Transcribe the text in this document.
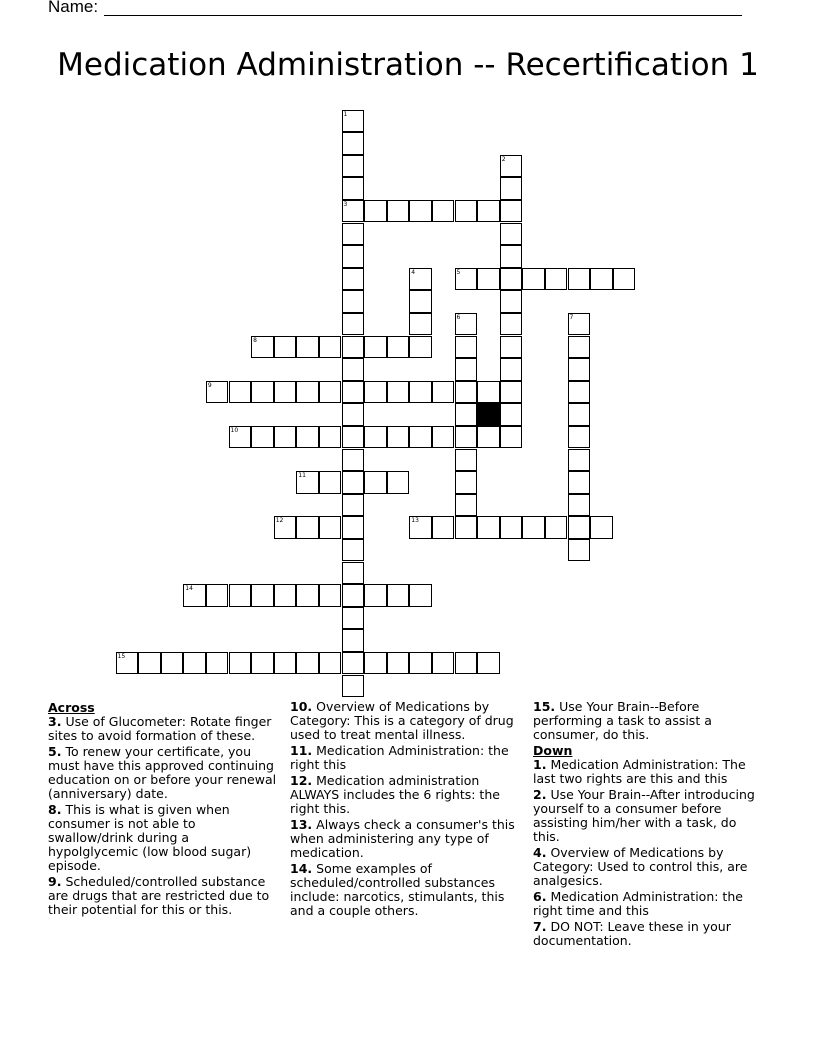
Name:
Medication Administration -- Recertification 1
1
3
2
4	5
6	7
8
9
10
11
12	13
14
15
Across
3. Use of Glucometer: Rotate finger sites to avoid formation of these.
5. To renew your certificate, you must have this approved continuing education on or before your renewal (anniversary) date.
8. This is what is given when consumer is not able to swallow/drink during a hypolglycemic (low blood sugar) episode.
9. Scheduled/controlled substance are drugs that are restricted due to their potential for this or this.
10. Overview of Medications by Category: This is a category of drug used to treat mental illness.
11. Medication Administration: the right this
12. Medication administration ALWAYS includes the 6 rights: the right this.
13. Always check a consumer's this when administering any type of medication.
14. Some examples of scheduled/controlled substances include: narcotics, stimulants, this and a couple others.
15. Use Your Brain--Before performing a task to assist a consumer, do this.
Down
1. Medication Administration: The last two rights are this and this
2. Use Your Brain--After introducing yourself to a consumer before assisting him/her with a task, do this.
4. Overview of Medications by Category: Used to control this, are analgesics.
6. Medication Administration: the right time and this
7. DO NOT: Leave these in your documentation.
